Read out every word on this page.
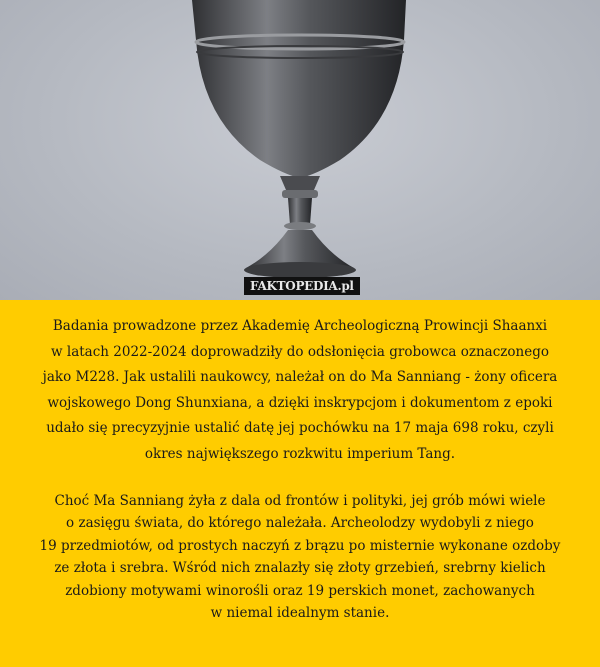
FAKTOPEDIA.pl
Badania prowadzone przez Akademię Archeologiczną Prowincji Shaanxi
w latach 2022-2024 doprowadziły do odsłonięcia grobowca oznaczonego
jako M228. Jak ustalili naukowcy, należał on do Ma Sanniang - żony oficera
wojskowego Dong Shunxiana, a dzięki inskrypcjom i dokumentom z epoki
udało się precyzyjnie ustalić datę jej pochówku na 17 maja 698 roku, czyli
okres największego rozkwitu imperium Tang.
Choć Ma Sanniang żyła z dala od frontów i polityki, jej grób mówi wiele
o zasięgu świata, do którego należała. Archeolodzy wydobyli z niego
19 przedmiotów, od prostych naczyń z brązu po misternie wykonane ozdoby
ze złota i srebra. Wśród nich znalazły się złoty grzebień, srebrny kielich
zdobiony motywami winorośli oraz 19 perskich monet, zachowanych
w niemal idealnym stanie.
